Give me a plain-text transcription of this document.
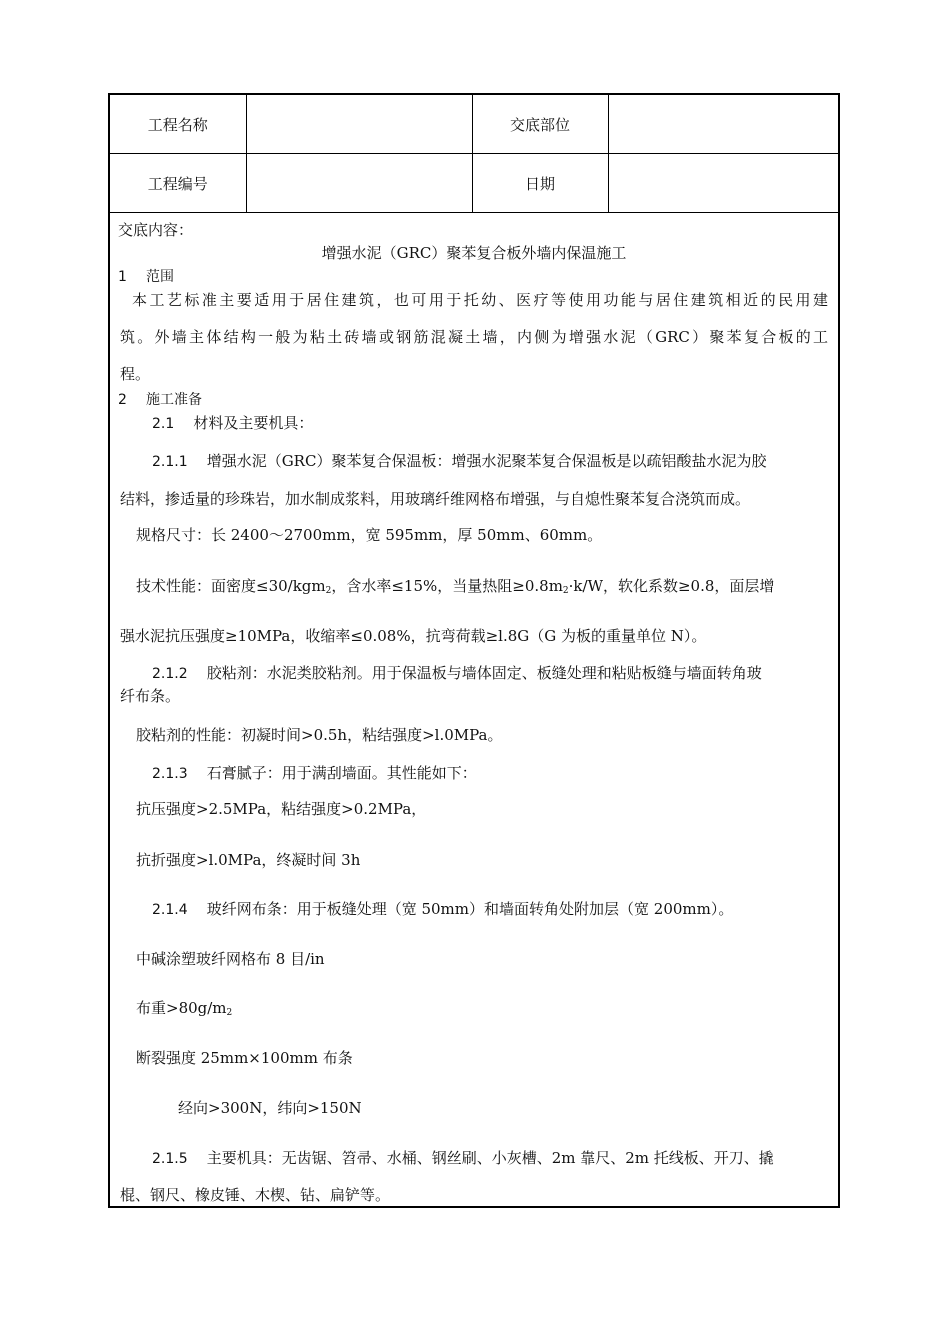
工程名称		交底部位	
工程编号		日期	
交底内容：
增强水泥（GRC）聚苯复合板外墙内保温施工
1 范围
本工艺标准主要适用于居住建筑，也可用于托幼、医疗等使用功能与居住建筑相近的民用建
筑。外墙主体结构一般为粘土砖墙或钢筋混凝土墙，内侧为增强水泥（GRC）聚苯复合板的工
程。
2 施工准备
2.1 材料及主要机具：
2.1.1 增强水泥（GRC）聚苯复合保温板：增强水泥聚苯复合保温板是以疏铝酸盐水泥为胶
结料，掺适量的珍珠岩，加水制成浆料，用玻璃纤维网格布增强，与自熄性聚苯复合浇筑而成。
规格尺寸：长 2400～2700mm，宽 595mm，厚 50mm、60mm。
技术性能：面密度≤30/kgm$_2$，含水率≤15%，当量热阻$\ge 0.8m_2\cdot k/W$，软化系数≥0.8，面层增
强水泥抗压强度≥10MPa，收缩率≤0.08%，抗弯荷载≥l.8G（G 为板的重量单位 N）。
2.1.2 胶粘剂：水泥类胶粘剂。用于保温板与墙体固定、板缝处理和粘贴板缝与墙面转角玻
纤布条。
胶粘剂的性能：初凝时间>0.5h，粘结强度>l.0MPa。
2.1.3 石膏腻子：用于满刮墙面。其性能如下：
抗压强度>2.5MPa，粘结强度>0.2MPa，
抗折强度>l.0MPa，终凝时间 3h
2.1.4 玻纤网布条：用于板缝处理（宽 50mm）和墙面转角处附加层（宽 200mm）。
中碱涂塑玻纤网格布 8 目/in
布重$>80g/m_2$
断裂强度 25mm×100mm 布条
经向>300N，纬向>150N
2.1.5 主要机具：无齿锯、笤帚、水桶、钢丝刷、小灰槽、2m 靠尺、2m 托线板、开刀、撬
棍、钢尺、橡皮锤、木楔、钻、扁铲等。
